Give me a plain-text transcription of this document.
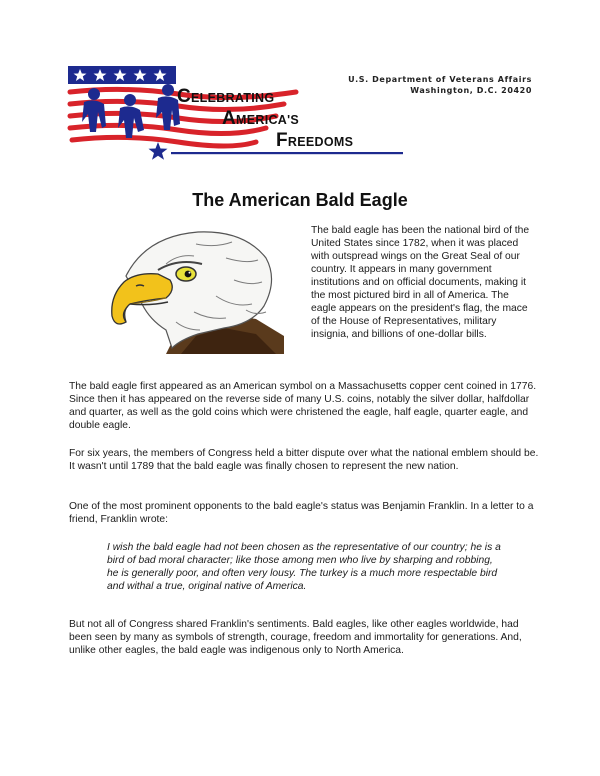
U.S. Department of Veterans Affairs
Washington, D.C. 20420
CELEBRATING
AMERICA'S
FREEDOMS
The American Bald Eagle
The bald eagle has been the national bird of the United States since 1782, when it was placed with outspread wings on the Great Seal of our country. It appears in many government institutions and on official documents, making it the most pictured bird in all of America. The eagle appears on the president's flag, the mace of the House of Representatives, military insignia, and billions of one-dollar bills.

The bald eagle first appeared as an American symbol on a Massachusetts copper cent coined in 1776. Since then it has appeared on the reverse side of many U.S. coins, notably the silver dollar, halfdollar and quarter, as well as the gold coins which were christened the eagle, half eagle, quarter eagle, and double eagle.

For six years, the members of Congress held a bitter dispute over what the national emblem should be. It wasn't until 1789 that the bald eagle was finally chosen to represent the new nation.

One of the most prominent opponents to the bald eagle's status was Benjamin Franklin. In a letter to a friend, Franklin wrote:

I wish the bald eagle had not been chosen as the representative of our country; he is a bird of bad moral character; like those among men who live by sharping and robbing, he is generally poor, and often very lousy. The turkey is a much more respectable bird and withal a true, original native of America.

But not all of Congress shared Franklin's sentiments. Bald eagles, like other eagles worldwide, had been seen by many as symbols of strength, courage, freedom and immortality for generations. And, unlike other eagles, the bald eagle was indigenous only to North America.
